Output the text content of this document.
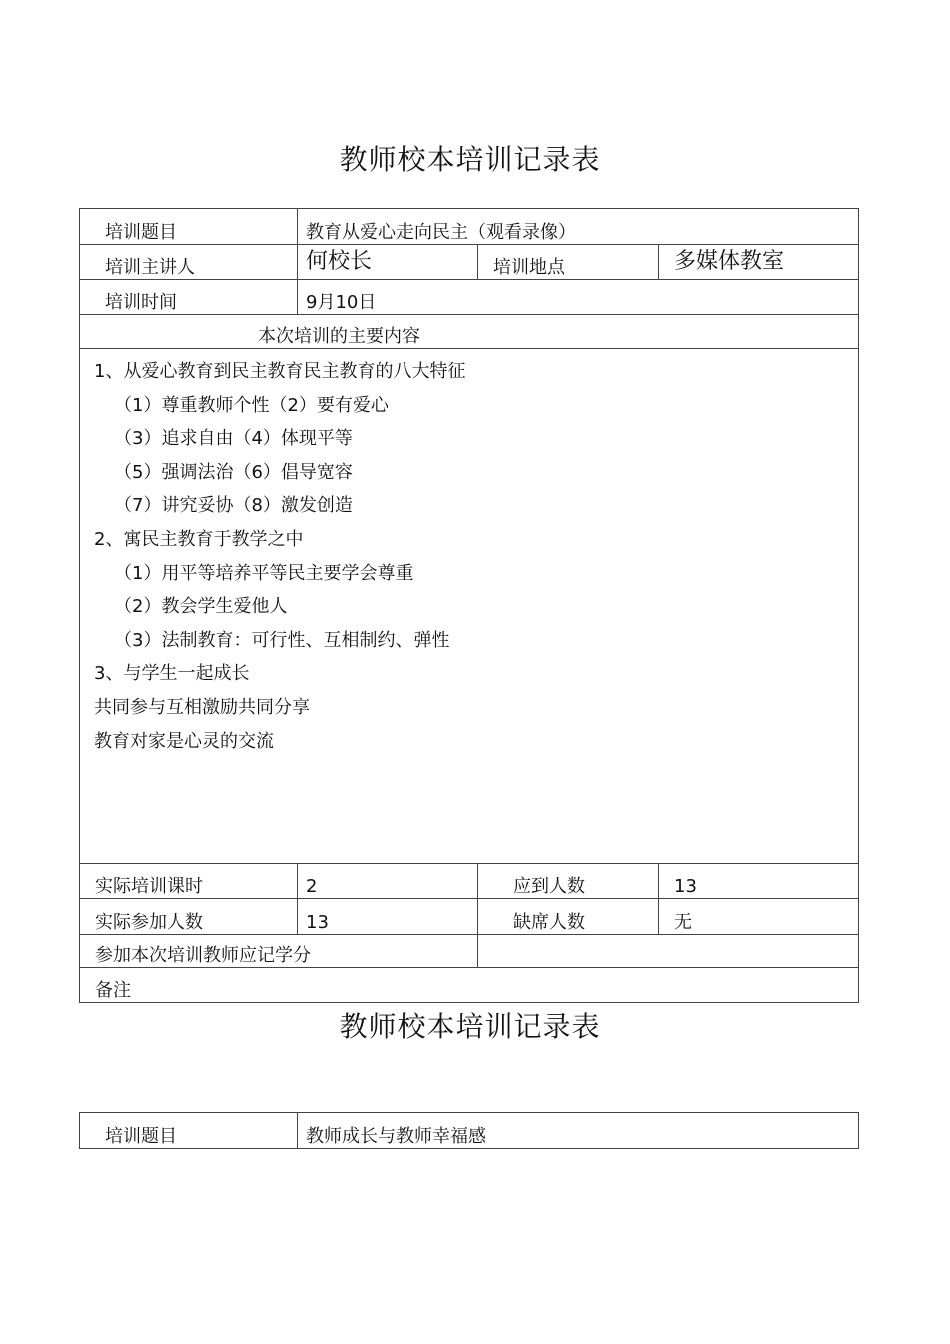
教师校本培训记录表
培训题目	教育从爱心走向民主（观看录像）
培训主讲人	何校长	培训地点	多媒体教室
培训时间	9月10日
本次培训的主要内容
1、从爱心教育到民主教育民主教育的八大特征
（1）尊重教师个性（2）要有爱心
（3）追求自由（4）体现平等
（5）强调法治（6）倡导宽容
（7）讲究妥协（8）激发创造
2、寓民主教育于教学之中
（1）用平等培养平等民主要学会尊重
（2）教会学生爱他人
（3）法制教育：可行性、互相制约、弹性
3、与学生一起成长
共同参与互相激励共同分享
教育对家是心灵的交流
实际培训课时	2	应到人数	13
实际参加人数	13	缺席人数	无
参加本次培训教师应记学分
备注
教师校本培训记录表
培训题目	教师成长与教师幸福感
